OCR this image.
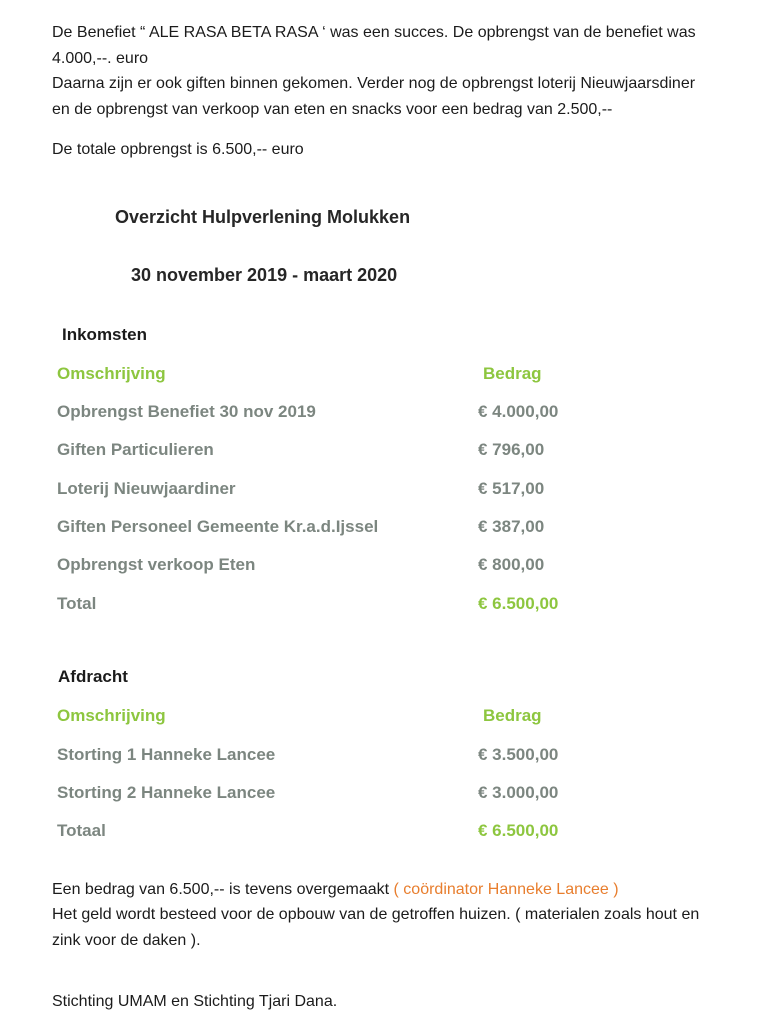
De Benefiet “ ALE RASA BETA RASA ‘ was een succes. De opbrengst van de benefiet was
4.000,--. euro
Daarna zijn er ook giften binnen gekomen. Verder nog de opbrengst loterij Nieuwjaarsdiner
en de opbrengst van verkoop van eten en snacks voor een bedrag van 2.500,--
De totale opbrengst is 6.500,-- euro
Overzicht Hulpverlening Molukken
30 november 2019 - maart 2020
Inkomsten
Omschrijving	Bedrag
Opbrengst Benefiet 30 nov 2019	€ 4.000,00
Giften Particulieren	€ 796,00
Loterij Nieuwjaardiner	€ 517,00
Giften Personeel Gemeente Kr.a.d.Ijssel	€ 387,00
Opbrengst verkoop Eten	€ 800,00
Total	€ 6.500,00
Afdracht
Omschrijving	Bedrag
Storting 1 Hanneke Lancee	€ 3.500,00
Storting 2 Hanneke Lancee	€ 3.000,00
Totaal	€ 6.500,00
Een bedrag van 6.500,-- is tevens overgemaakt ( coördinator Hanneke Lancee )
Het geld wordt besteed voor de opbouw van de getroffen huizen. ( materialen zoals hout en
zink voor de daken ).
Stichting UMAM en Stichting Tjari Dana.
